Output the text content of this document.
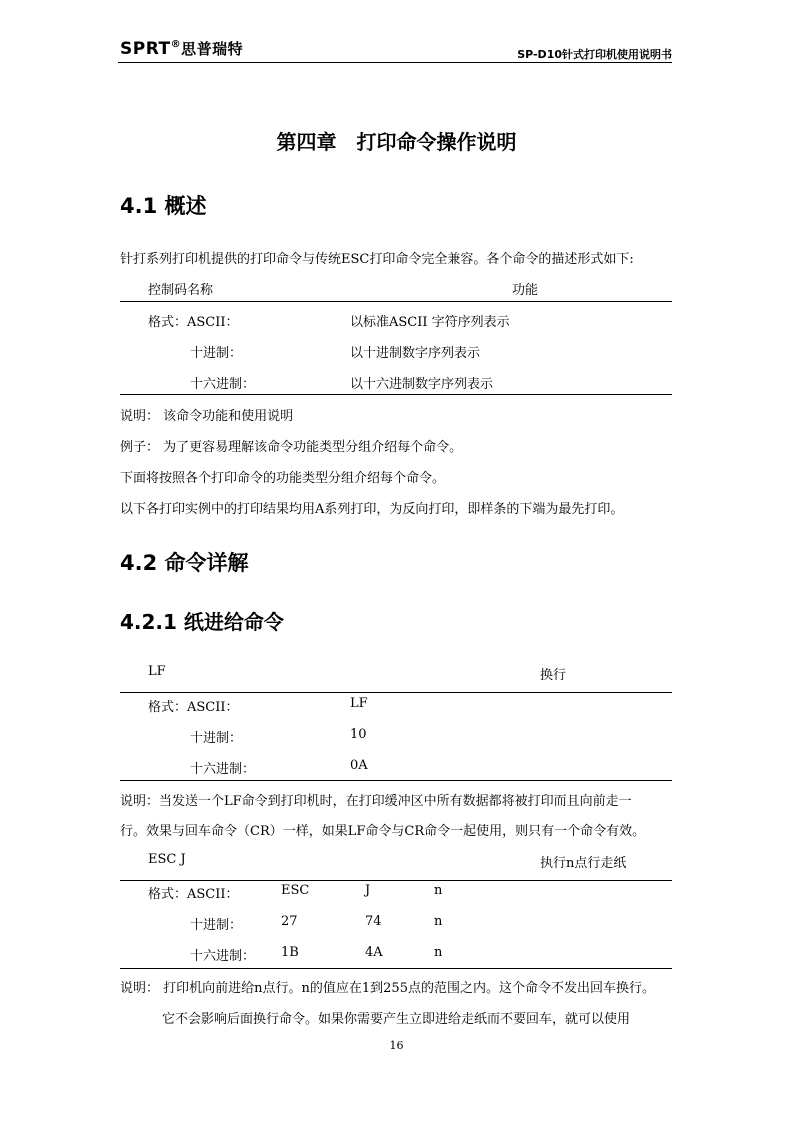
SPRT®思普瑞特	SP-D10针式打印机使用说明书
第四章　打印命令操作说明
4.1 概述
针打系列打印机提供的打印命令与传统ESC打印命令完全兼容。各个命令的描述形式如下:
控制码名称	功能
格式：ASCII：	以标准ASCII 字符序列表示
十进制：	以十进制数字序列表示
十六进制：	以十六进制数字序列表示
说明： 该命令功能和使用说明
例子： 为了更容易理解该命令功能类型分组介绍每个命令。
下面将按照各个打印命令的功能类型分组介绍每个命令。
以下各打印实例中的打印结果均用A系列打印，为反向打印，即样条的下端为最先打印。
4.2 命令详解
4.2.1 纸进给命令
LF	换行
格式：ASCII：	LF
十进制：	10
十六进制：	0A
说明：当发送一个LF命令到打印机时，在打印缓冲区中所有数据都将被打印而且向前走一
行。效果与回车命令（CR）一样，如果LF命令与CR命令一起使用，则只有一个命令有效。
ESC J	执行n点行走纸
格式：ASCII：	ESC	J	n
十进制：	27	74	n
十六进制： 1B	4A	n
说明： 打印机向前进给n点行。n的值应在1到255点的范围之内。这个命令不发出回车换行。
它不会影响后面换行命令。如果你需要产生立即进给走纸而不要回车，就可以使用
16
